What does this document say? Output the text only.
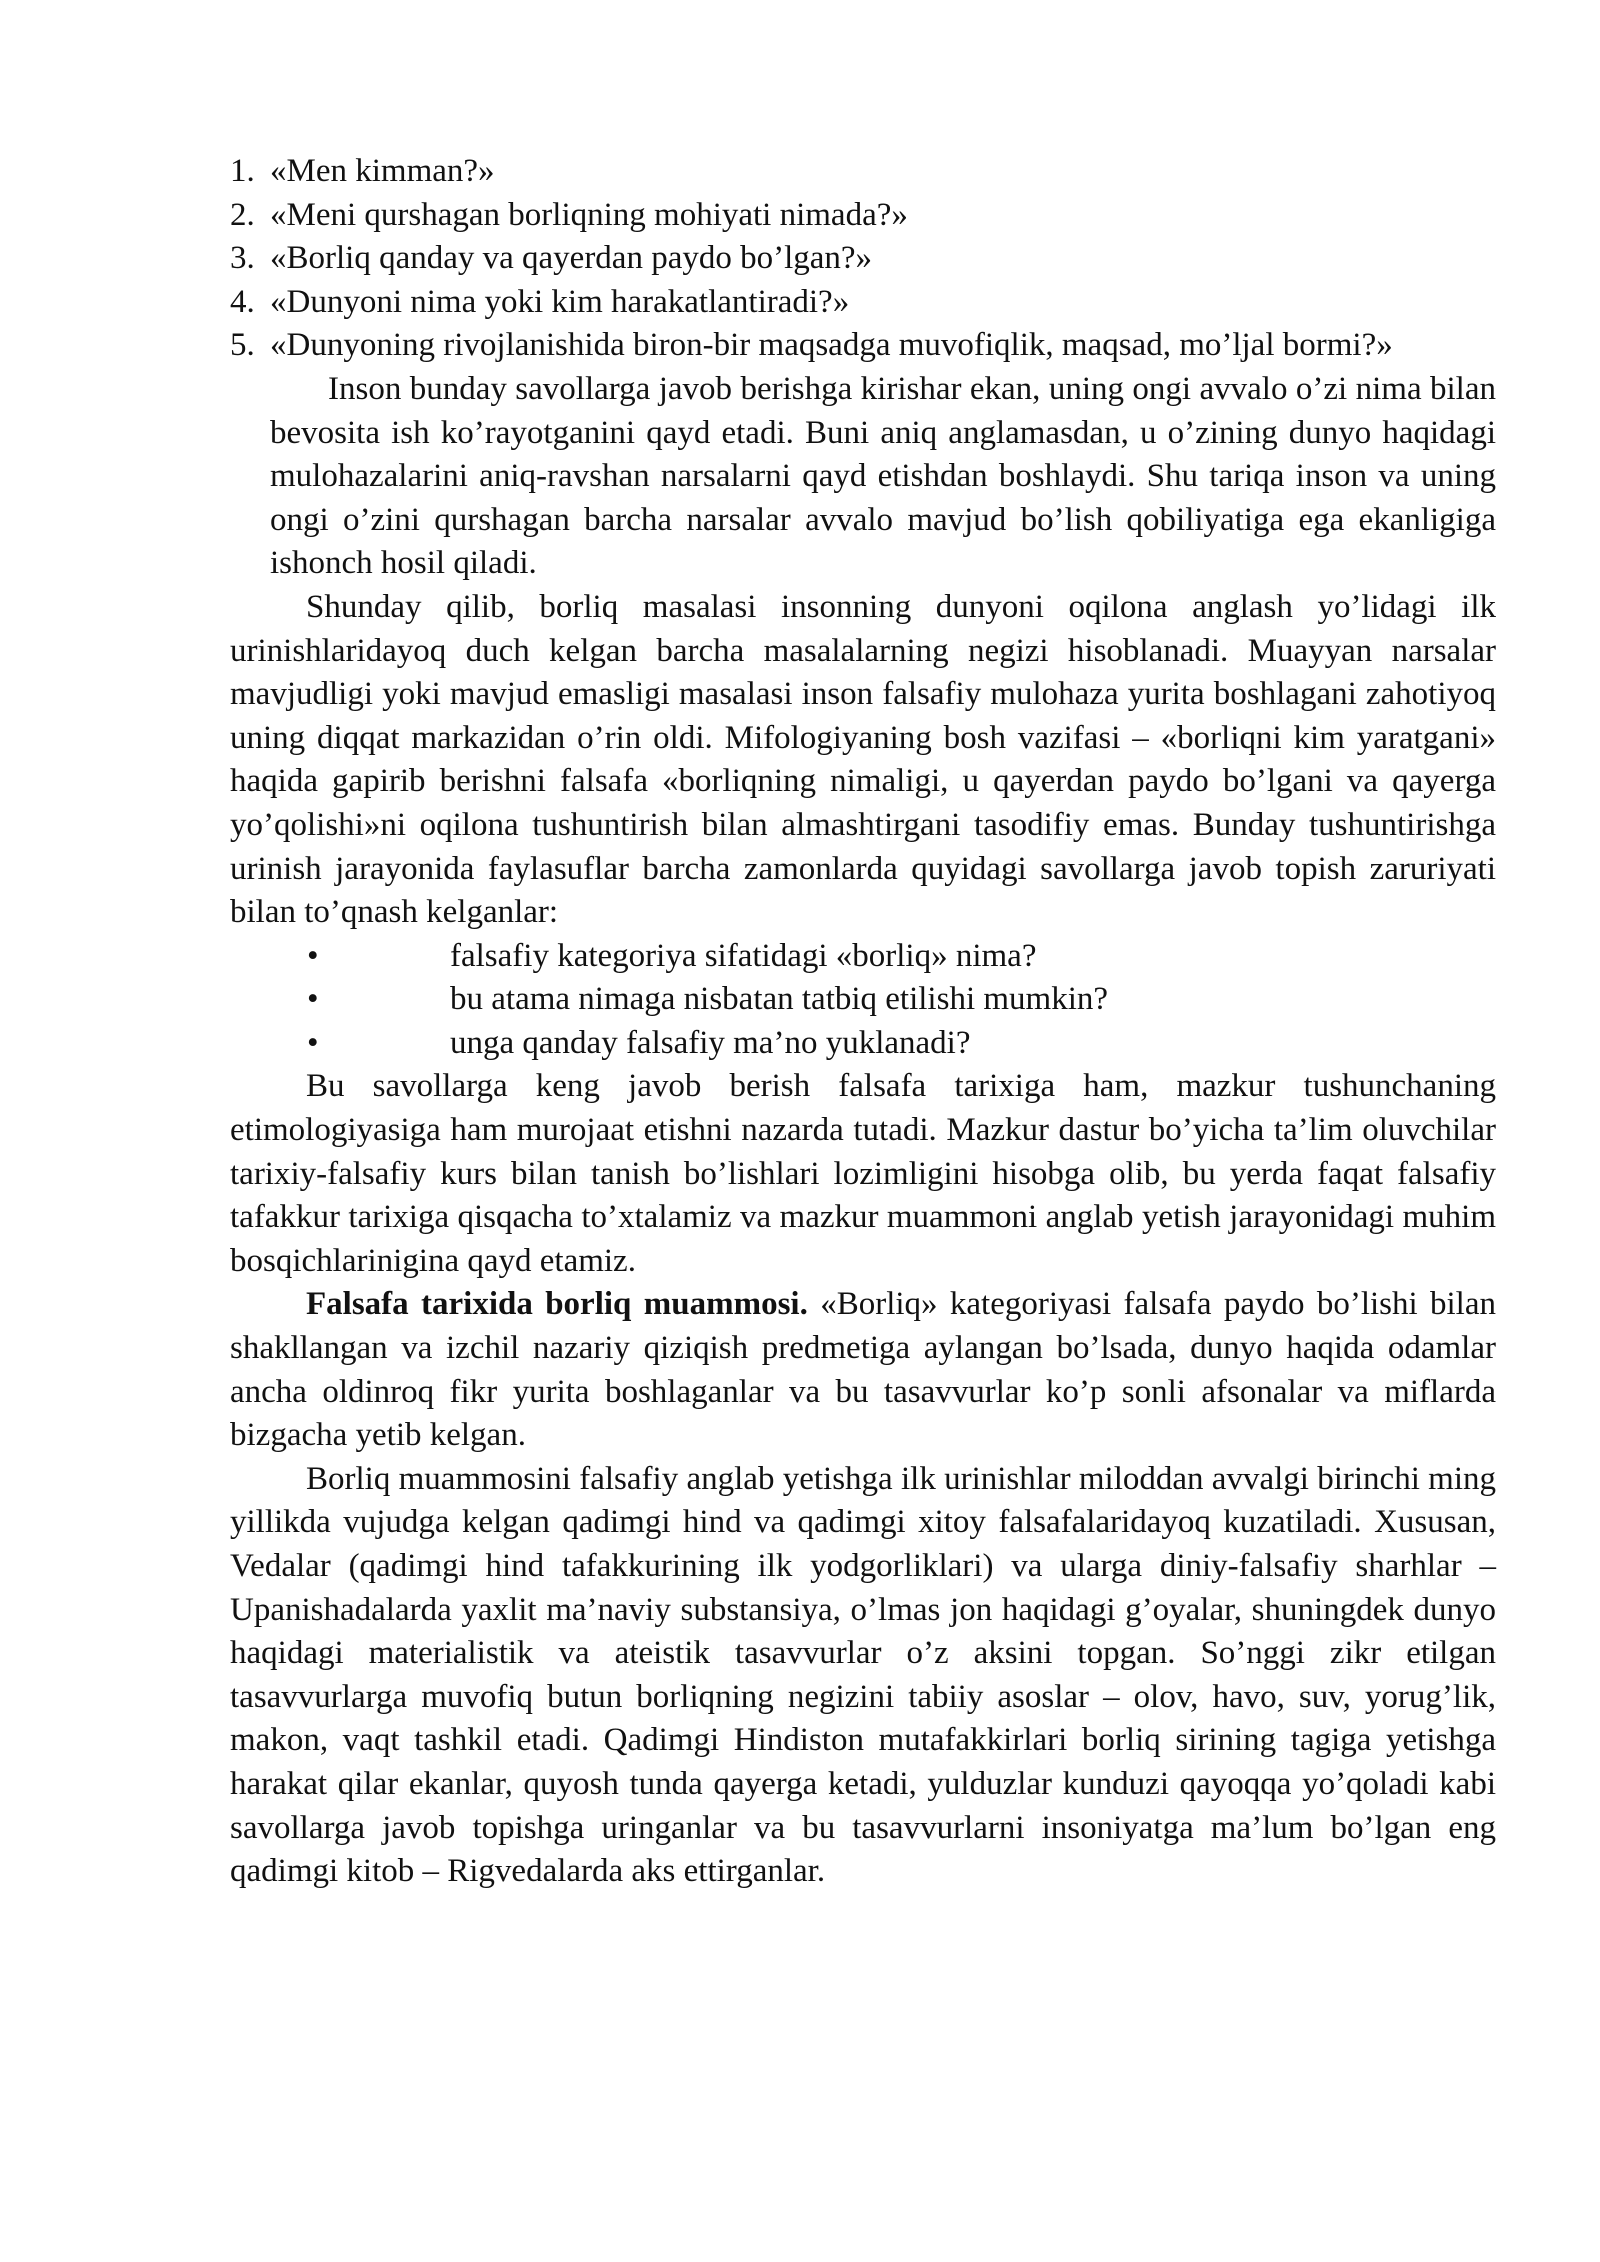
1. «Men kimman?»
2. «Meni qurshagan borliqning mohiyati nimada?»
3. «Borliq qanday va qayerdan paydo bo’lgan?»
4. «Dunyoni nima yoki kim harakatlantiradi?»
5. «Dunyoning rivojlanishida biron-bir maqsadga muvofiqlik, maqsad, mo’ljal bormi?»

Inson bunday savollarga javob berishga kirishar ekan, uning ongi avvalo o’zi nima bilan bevosita ish ko’rayotganini qayd etadi. Buni aniq anglamasdan, u o’zining dunyo haqidagi mulohazalarini aniq-ravshan narsalarni qayd etishdan boshlaydi. Shu tariqa inson va uning ongi o’zini qurshagan barcha narsalar avvalo mavjud bo’lish qobiliyatiga ega ekanligiga ishonch hosil qiladi.

Shunday qilib, borliq masalasi insonning dunyoni oqilona anglash yo’lidagi ilk urinishlaridayoq duch kelgan barcha masalalarning negizi hisoblanadi. Muayyan narsalar mavjudligi yoki mavjud emasligi masalasi inson falsafiy mulohaza yurita boshlagani zahotiyoq uning diqqat markazidan o’rin oldi. Mifologiyaning bosh vazifasi – «borliqni kim yaratgani» haqida gapirib berishni falsafa «borliqning nimaligi, u qayerdan paydo bo’lgani va qayerga yo’qolishi»ni oqilona tushuntirish bilan almashtirgani tasodifiy emas. Bunday tushuntirishga urinish jarayonida faylasuflar barcha zamonlarda quyidagi savollarga javob topish zaruriyati bilan to’qnash kelganlar:

•	falsafiy kategoriya sifatidagi «borliq» nima?
•	bu atama nimaga nisbatan tatbiq etilishi mumkin?
•	unga qanday falsafiy ma’no yuklanadi?

Bu savollarga keng javob berish falsafa tarixiga ham, mazkur tushunchaning etimologiyasiga ham murojaat etishni nazarda tutadi. Mazkur dastur bo’yicha ta’lim oluvchilar tarixiy-falsafiy kurs bilan tanish bo’lishlari lozimligini hisobga olib, bu yerda faqat falsafiy tafakkur tarixiga qisqacha to’xtalamiz va mazkur muammoni anglab yetish jarayonidagi muhim bosqichlarinigina qayd etamiz.

Falsafa tarixida borliq muammosi. «Borliq» kategoriyasi falsafa paydo bo’lishi bilan shakllangan va izchil nazariy qiziqish predmetiga aylangan bo’lsada, dunyo haqida odamlar ancha oldinroq fikr yurita boshlaganlar va bu tasavvurlar ko’p sonli afsonalar va miflarda bizgacha yetib kelgan.

Borliq muammosini falsafiy anglab yetishga ilk urinishlar miloddan avvalgi birinchi ming yillikda vujudga kelgan qadimgi hind va qadimgi xitoy falsafalaridayoq kuzatiladi. Xususan, Vedalar (qadimgi hind tafakkurining ilk yodgorliklari) va ularga diniy-falsafiy sharhlar – Upanishadalarda yaxlit ma’naviy substansiya, o’lmas jon haqidagi g’oyalar, shuningdek dunyo haqidagi materialistik va ateistik tasavvurlar o’z aksini topgan. So’nggi zikr etilgan tasavvurlarga muvofiq butun borliqning negizini tabiiy asoslar – olov, havo, suv, yorug’lik, makon, vaqt tashkil etadi. Qadimgi Hindiston mutafakkirlari borliq sirining tagiga yetishga harakat qilar ekanlar, quyosh tunda qayerga ketadi, yulduzlar kunduzi qayoqqa yo’qoladi kabi savollarga javob topishga uringanlar va bu tasavvurlarni insoniyatga ma’lum bo’lgan eng qadimgi kitob – Rigvedalarda aks ettirganlar.
